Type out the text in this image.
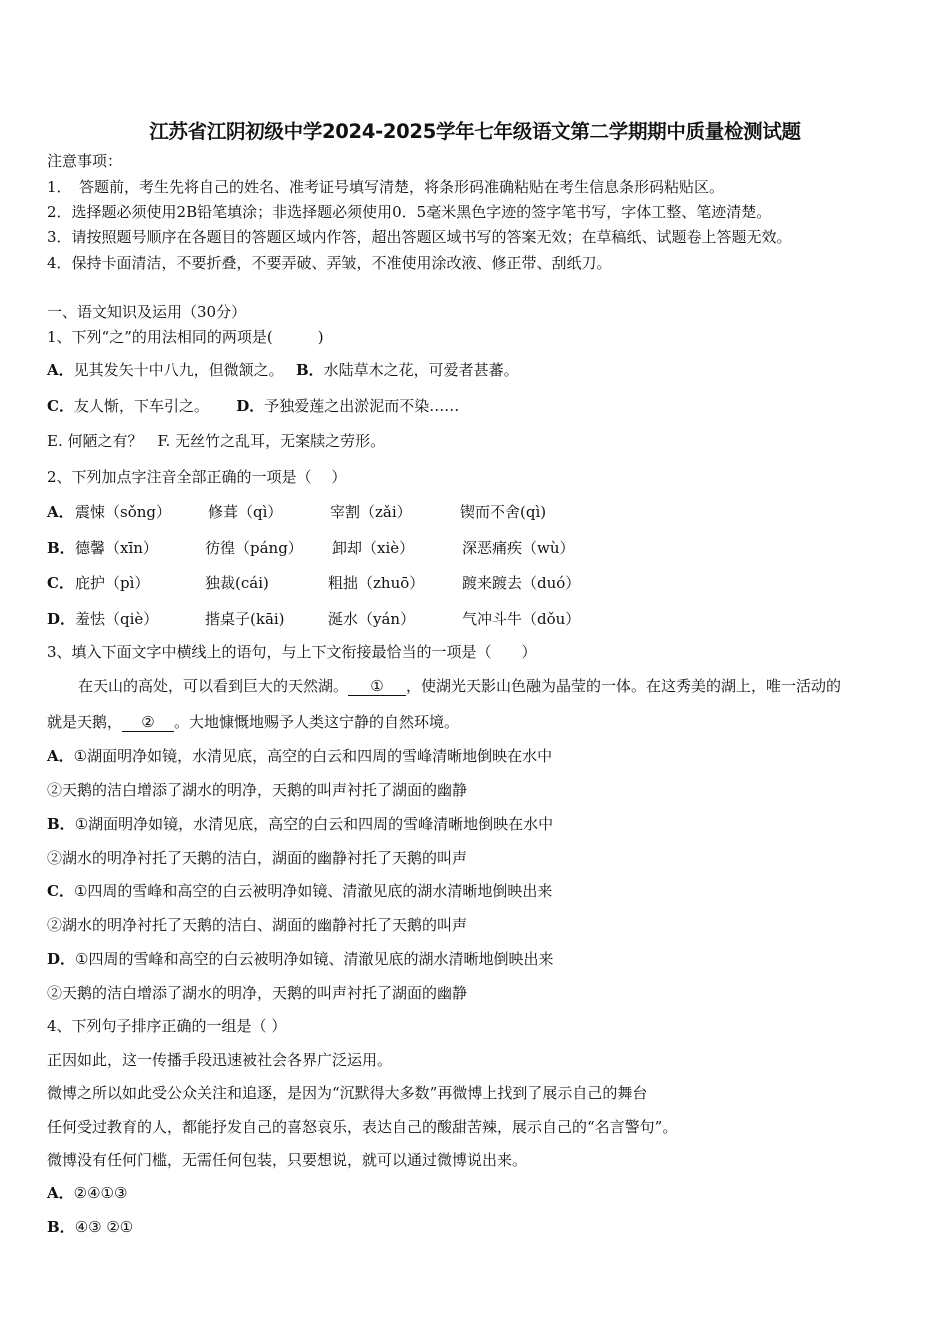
江苏省江阴初级中学2024-2025学年七年级语文第二学期期中质量检测试题
注意事项：
1．　答题前，考生先将自己的姓名、准考证号填写清楚，将条形码准确粘贴在考生信息条形码粘贴区。
2．选择题必须使用2B铅笔填涂；非选择题必须使用0．5毫米黑色字迹的签字笔书写，字体工整、笔迹清楚。
3．请按照题号顺序在各题目的答题区域内作答，超出答题区域书写的答案无效；在草稿纸、试题卷上答题无效。
4．保持卡面清洁，不要折叠，不要弄破、弄皱，不准使用涂改液、修正带、刮纸刀。
一、语文知识及运用（30分）
1、下列“之”的用法相同的两项是(　　　)
A．见其发矢十中八九，但微颔之。　 B．水陆草木之花，可爱者甚蕃。
C．友人惭，下车引之。　　 D．予独爱莲之出淤泥而不染……
E. 何陋之有？　F. 无丝竹之乱耳，无案牍之劳形。
2、下列加点字注音全部正确的一项是（　 ）
A． 震悚（sǒng） 修葺（qì）	宰割（zǎi）	锲而不舍(qì)
B． 德馨（xīn）	彷徨（páng） 卸却（xiè）	深恶痛疾（wù）
C． 庇护（pì）	独裁(cái)	粗拙（zhuō）	踱来踱去（duó）
D． 羞怯（qiè）	揩桌子(kāi)	涎水（yán）	气冲斗牛（dǒu）
3、填入下面文字中横线上的语句，与上下文衔接最恰当的一项是（　　）
在天山的高处，可以看到巨大的天然湖。 ① ，使湖光天影山色融为晶莹的一体。在这秀美的湖上，唯一活动的
就是天鹅， ② 。大地慷慨地赐予人类这宁静的自然环境。
A．①湖面明净如镜，水清见底，高空的白云和四周的雪峰清晰地倒映在水中
②天鹅的洁白增添了湖水的明净，天鹅的叫声衬托了湖面的幽静
B．①湖面明净如镜，水清见底，高空的白云和四周的雪峰清晰地倒映在水中
②湖水的明净衬托了天鹅的洁白，湖面的幽静衬托了天鹅的叫声
C．①四周的雪峰和高空的白云被明净如镜、清澈见底的湖水清晰地倒映出来
②湖水的明净衬托了天鹅的洁白、湖面的幽静衬托了天鹅的叫声
D．①四周的雪峰和高空的白云被明净如镜、清澈见底的湖水清晰地倒映出来
②天鹅的洁白增添了湖水的明净，天鹅的叫声衬托了湖面的幽静
4、下列句子排序正确的一组是（ ）
正因如此，这一传播手段迅速被社会各界广泛运用。
微博之所以如此受公众关注和追逐，是因为“沉默得大多数”再微博上找到了展示自己的舞台
任何受过教育的人，都能抒发自己的喜怒哀乐，表达自己的酸甜苦辣，展示自己的“名言警句”。
微博没有任何门槛，无需任何包装，只要想说，就可以通过微博说出来。
A．②④①③
B．④③ ②①
